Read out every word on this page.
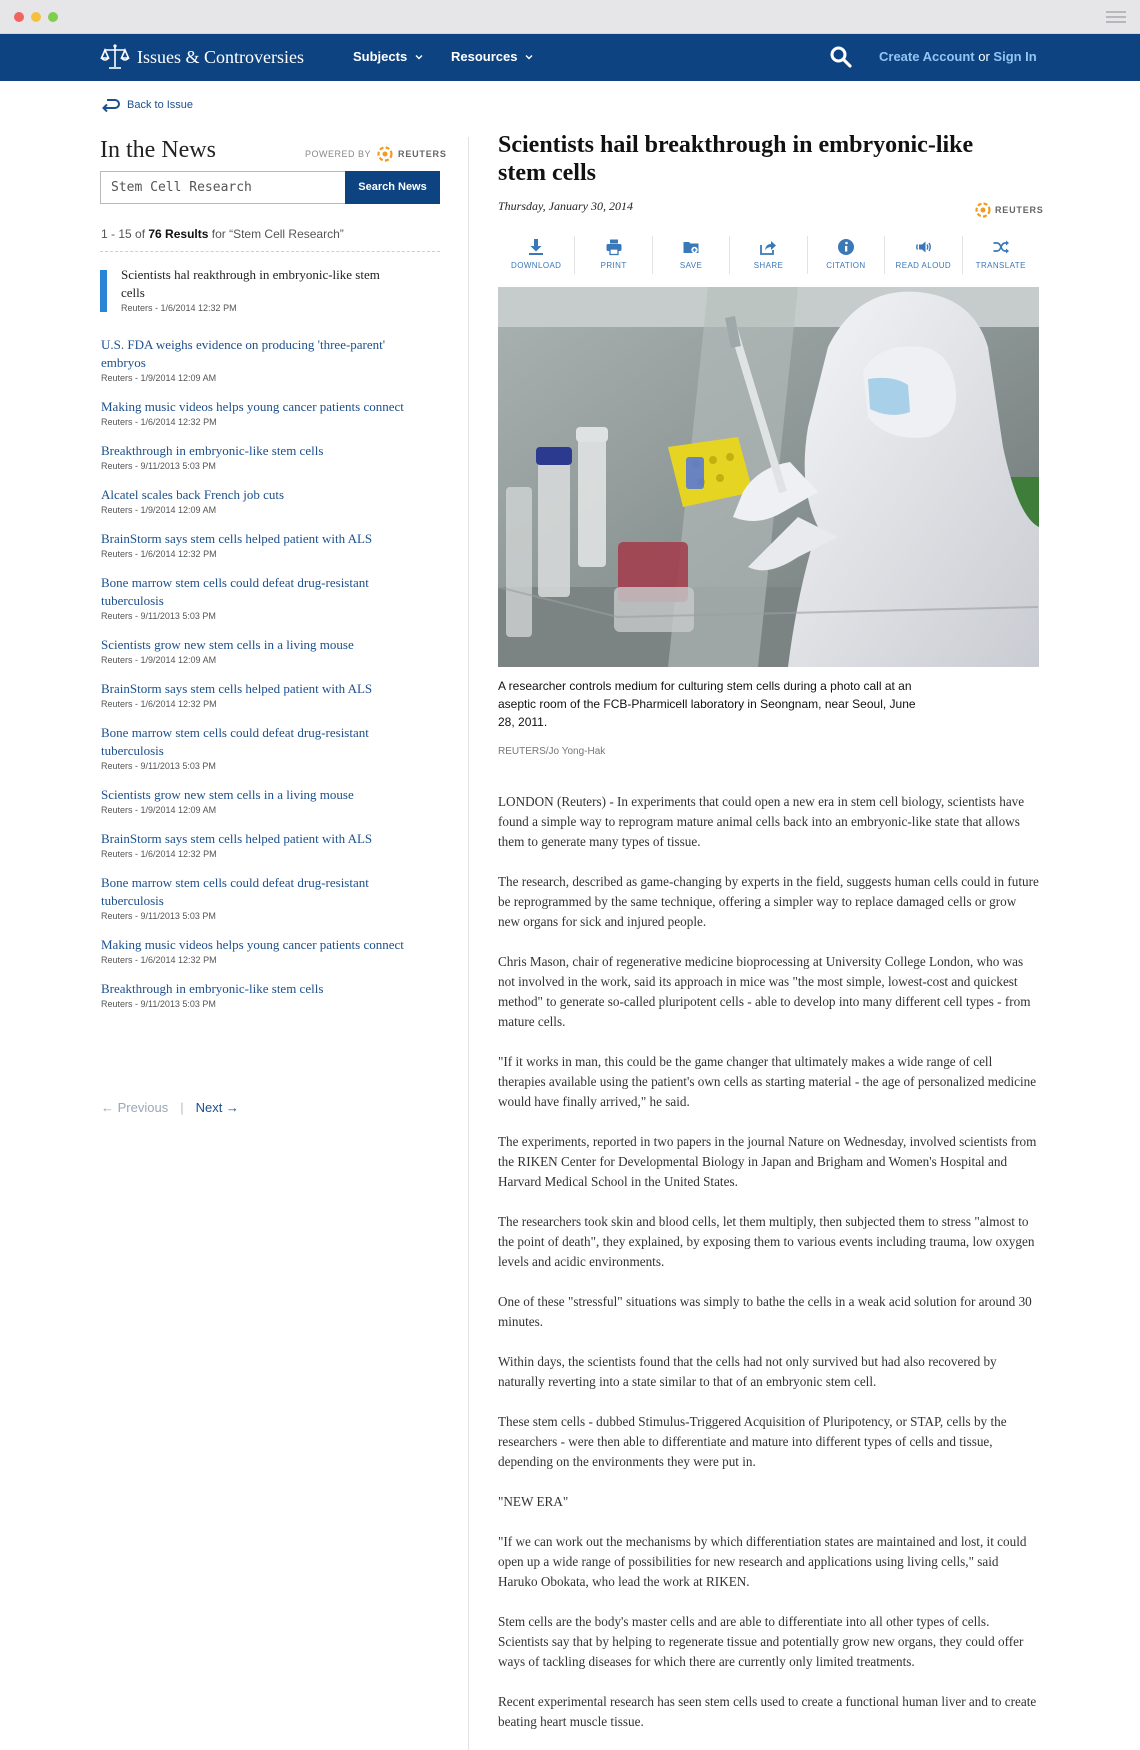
Issues & Controversies	Subjects	Resources	Create Account or Sign In
Back to Issue
In the News	POWERED BY	REUTERS
Stem Cell Research	Search News
1 - 15 of 76 Results for “Stem Cell Research”
Scientists hal reakthrough in embryonic-like stem cells
Reuters - 1/6/2014 12:32 PM
U.S. FDA weighs evidence on producing 'three-parent' embryos
Reuters - 1/9/2014 12:09 AM
Making music videos helps young cancer patients connect
Reuters - 1/6/2014 12:32 PM
Breakthrough in embryonic-like stem cells
Reuters - 9/11/2013 5:03 PM
Alcatel scales back French job cuts
Reuters - 1/9/2014 12:09 AM
BrainStorm says stem cells helped patient with ALS
Reuters - 1/6/2014 12:32 PM
Bone marrow stem cells could defeat drug-resistant tuberculosis
Reuters - 9/11/2013 5:03 PM
Scientists grow new stem cells in a living mouse
Reuters - 1/9/2014 12:09 AM
BrainStorm says stem cells helped patient with ALS
Reuters - 1/6/2014 12:32 PM
Bone marrow stem cells could defeat drug-resistant tuberculosis
Reuters - 9/11/2013 5:03 PM
Scientists grow new stem cells in a living mouse
Reuters - 1/9/2014 12:09 AM
BrainStorm says stem cells helped patient with ALS
Reuters - 1/6/2014 12:32 PM
Bone marrow stem cells could defeat drug-resistant tuberculosis
Reuters - 9/11/2013 5:03 PM
Making music videos helps young cancer patients connect
Reuters - 1/6/2014 12:32 PM
Breakthrough in embryonic-like stem cells
Reuters - 9/11/2013 5:03 PM
← Previous | Next →
Scientists hail breakthrough in embryonic-like stem cells
Thursday, January 30, 2014	REUTERS
DOWNLOAD	PRINT	SAVE	SHARE	CITATION	READ ALOUD	TRANSLATE
A researcher controls medium for culturing stem cells during a photo call at an aseptic room of the FCB-Pharmicell laboratory in Seongnam, near Seoul, June 28, 2011.
REUTERS/Jo Yong-Hak

LONDON (Reuters) - In experiments that could open a new era in stem cell biology, scientists have found a simple way to reprogram mature animal cells back into an embryonic-like state that allows them to generate many types of tissue.

The research, described as game-changing by experts in the field, suggests human cells could in future be reprogrammed by the same technique, offering a simpler way to replace damaged cells or grow new organs for sick and injured people.

Chris Mason, chair of regenerative medicine bioprocessing at University College London, who was not involved in the work, said its approach in mice was "the most simple, lowest-cost and quickest method" to generate so-called pluripotent cells - able to develop into many different cell types - from mature cells.

"If it works in man, this could be the game changer that ultimately makes a wide range of cell therapies available using the patient's own cells as starting material - the age of personalized medicine would have finally arrived," he said.

The experiments, reported in two papers in the journal Nature on Wednesday, involved scientists from the RIKEN Center for Developmental Biology in Japan and Brigham and Women's Hospital and Harvard Medical School in the United States.

The researchers took skin and blood cells, let them multiply, then subjected them to stress "almost to the point of death", they explained, by exposing them to various events including trauma, low oxygen levels and acidic environments.

One of these "stressful" situations was simply to bathe the cells in a weak acid solution for around 30 minutes.

Within days, the scientists found that the cells had not only survived but had also recovered by naturally reverting into a state similar to that of an embryonic stem cell.

These stem cells - dubbed Stimulus-Triggered Acquisition of Pluripotency, or STAP, cells by the researchers - were then able to differentiate and mature into different types of cells and tissue, depending on the environments they were put in.

"NEW ERA"

"If we can work out the mechanisms by which differentiation states are maintained and lost, it could open up a wide range of possibilities for new research and applications using living cells," said Haruko Obokata, who lead the work at RIKEN.

Stem cells are the body's master cells and are able to differentiate into all other types of cells. Scientists say that by helping to regenerate tissue and potentially grow new organs, they could offer ways of tackling diseases for which there are currently only limited treatments.

Recent experimental research has seen stem cells used to create a functional human liver and to create beating heart muscle tissue.
